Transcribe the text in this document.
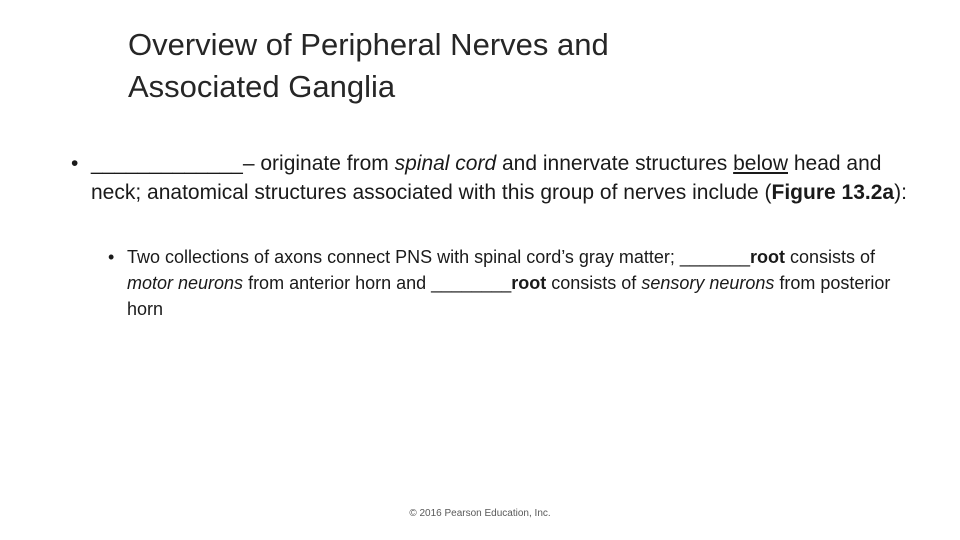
Overview of Peripheral Nerves and
Associated Ganglia
• _____________– originate from spinal cord and innervate structures below head and neck; anatomical structures associated with this group of nerves include (Figure 13.2a):
• Two collections of axons connect PNS with spinal cord’s gray matter; _______root consists of motor neurons from anterior horn and ________root consists of sensory neurons from posterior horn
© 2016 Pearson Education, Inc.
